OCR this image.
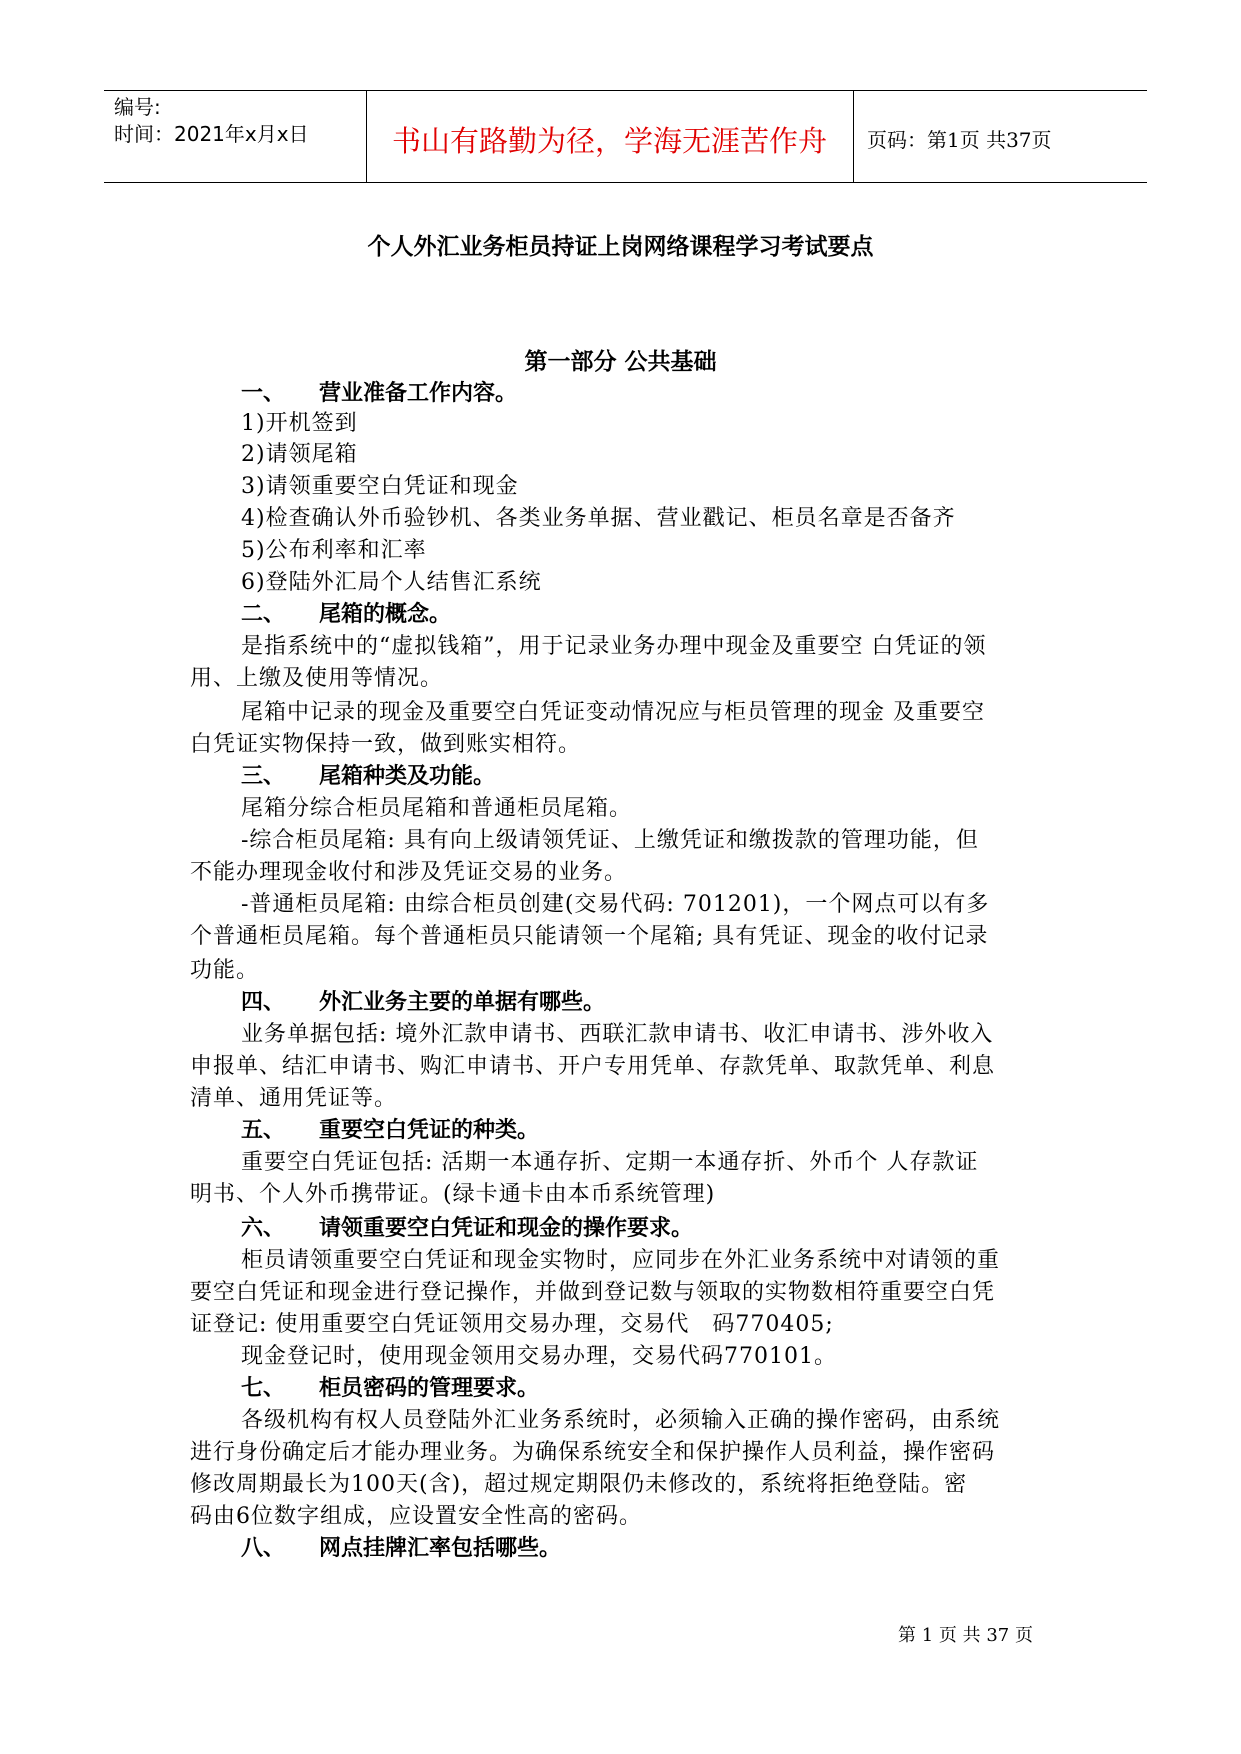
编号:
时间：2021年x月x日	书山有路勤为径，学海无涯苦作舟	页码：第1页 共37页
个人外汇业务柜员持证上岗网络课程学习考试要点
第一部分 公共基础
一、 营业准备工作内容。
1)开机签到
2)请领尾箱
3)请领重要空白凭证和现金
4)检查确认外币验钞机、各类业务单据、营业戳记、柜员名章是否备齐
5)公布利率和汇率
6)登陆外汇局个人结售汇系统
二、 尾箱的概念。
是指系统中的“虚拟钱箱”，用于记录业务办理中现金及重要空 白凭证的领
用、上缴及使用等情况。
尾箱中记录的现金及重要空白凭证变动情况应与柜员管理的现金 及重要空
白凭证实物保持一致，做到账实相符。
三、 尾箱种类及功能。
尾箱分综合柜员尾箱和普通柜员尾箱。
-综合柜员尾箱: 具有向上级请领凭证、上缴凭证和缴拨款的管理功能，但
不能办理现金收付和涉及凭证交易的业务。
-普通柜员尾箱: 由综合柜员创建(交易代码: 701201)，一个网点可以有多
个普通柜员尾箱。每个普通柜员只能请领一个尾箱; 具有凭证、现金的收付记录
功能。
四、 外汇业务主要的单据有哪些。
业务单据包括: 境外汇款申请书、西联汇款申请书、收汇申请书、涉外收入
申报单、结汇申请书、购汇申请书、开户专用凭单、存款凭单、取款凭单、利息
清单、通用凭证等。
五、 重要空白凭证的种类。
重要空白凭证包括: 活期一本通存折、定期一本通存折、外币个 人存款证
明书、个人外币携带证。(绿卡通卡由本币系统管理)
六、 请领重要空白凭证和现金的操作要求。
柜员请领重要空白凭证和现金实物时，应同步在外汇业务系统中对请领的重
要空白凭证和现金进行登记操作，并做到登记数与领取的实物数相符重要空白凭
证登记: 使用重要空白凭证领用交易办理，交易代　码770405;
现金登记时，使用现金领用交易办理，交易代码770101。
七、 柜员密码的管理要求。
各级机构有权人员登陆外汇业务系统时，必须输入正确的操作密码，由系统
进行身份确定后才能办理业务。为确保系统安全和保护操作人员利益，操作密码
修改周期最长为100天(含)，超过规定期限仍未修改的，系统将拒绝登陆。密
码由6位数字组成，应设置安全性高的密码。
八、 网点挂牌汇率包括哪些。
第 1 页 共 37 页
